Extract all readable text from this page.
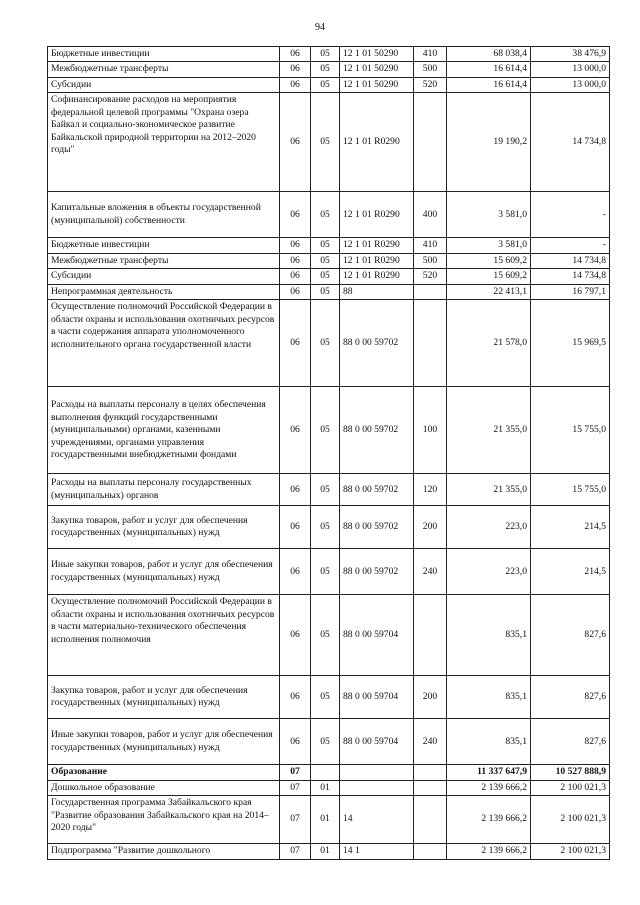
94
Бюджетные инвестиции	06	05	12 1 01 50290	410	68 038,4	38 476,9
Межбюджетные трансферты	06	05	12 1 01 50290	500	16 614,4	13 000,0
Субсидии	06	05	12 1 01 50290	520	16 614,4	13 000,0
Софинансирование расходов на мероприятия федеральной целевой программы "Охрана озера Байкал и социально-экономическое развитие Байкальской природной территории на 2012–2020 годы"	06	05	12 1 01 R0290		19 190,2	14 734,8
Капитальные вложения в объекты государственной (муниципальной) собственности	06	05	12 1 01 R0290	400	3 581,0	-
Бюджетные инвестиции	06	05	12 1 01 R0290	410	3 581,0	-
Межбюджетные трансферты	06	05	12 1 01 R0290	500	15 609,2	14 734,8
Субсидии	06	05	12 1 01 R0290	520	15 609,2	14 734,8
Непрограммная деятельность	06	05	88		22 413,1	16 797,1
Осуществление полномочий Российской Федерации в области охраны и использования охотничьих ресурсов в части содержания аппарата уполномоченного исполнительного органа государственной власти	06	05	88 0 00 59702		21 578,0	15 969,5
Расходы на выплаты персоналу в целях обеспечения выполнения функций государственными (муниципальными) органами, казенными учреждениями, органами управления государственными внебюджетными фондами	06	05	88 0 00 59702	100	21 355,0	15 755,0
Расходы на выплаты персоналу государственных (муниципальных) органов	06	05	88 0 00 59702	120	21 355,0	15 755,0
Закупка товаров, работ и услуг для обеспечения государственных (муниципальных) нужд	06	05	88 0 00 59702	200	223,0	214,5
Иные закупки товаров, работ и услуг для обеспечения государственных (муниципальных) нужд	06	05	88 0 00 59702	240	223,0	214,5
Осуществление полномочий Российской Федерации в области охраны и использования охотничьих ресурсов в части материально-технического обеспечения исполнения полномочия	06	05	88 0 00 59704		835,1	827,6
Закупка товаров, работ и услуг для обеспечения государственных (муниципальных) нужд	06	05	88 0 00 59704	200	835,1	827,6
Иные закупки товаров, работ и услуг для обеспечения государственных (муниципальных) нужд	06	05	88 0 00 59704	240	835,1	827,6
Образование	07				11 337 647,9	10 527 888,9
Дошкольное образование	07	01			2 139 666,2	2 100 021,3
Государственная программа Забайкальского края "Развитие образования Забайкальского края на 2014–2020 годы"	07	01	14		2 139 666,2	2 100 021,3
Подпрограмма "Развитие дошкольного	07	01	14 1		2 139 666,2	2 100 021,3
